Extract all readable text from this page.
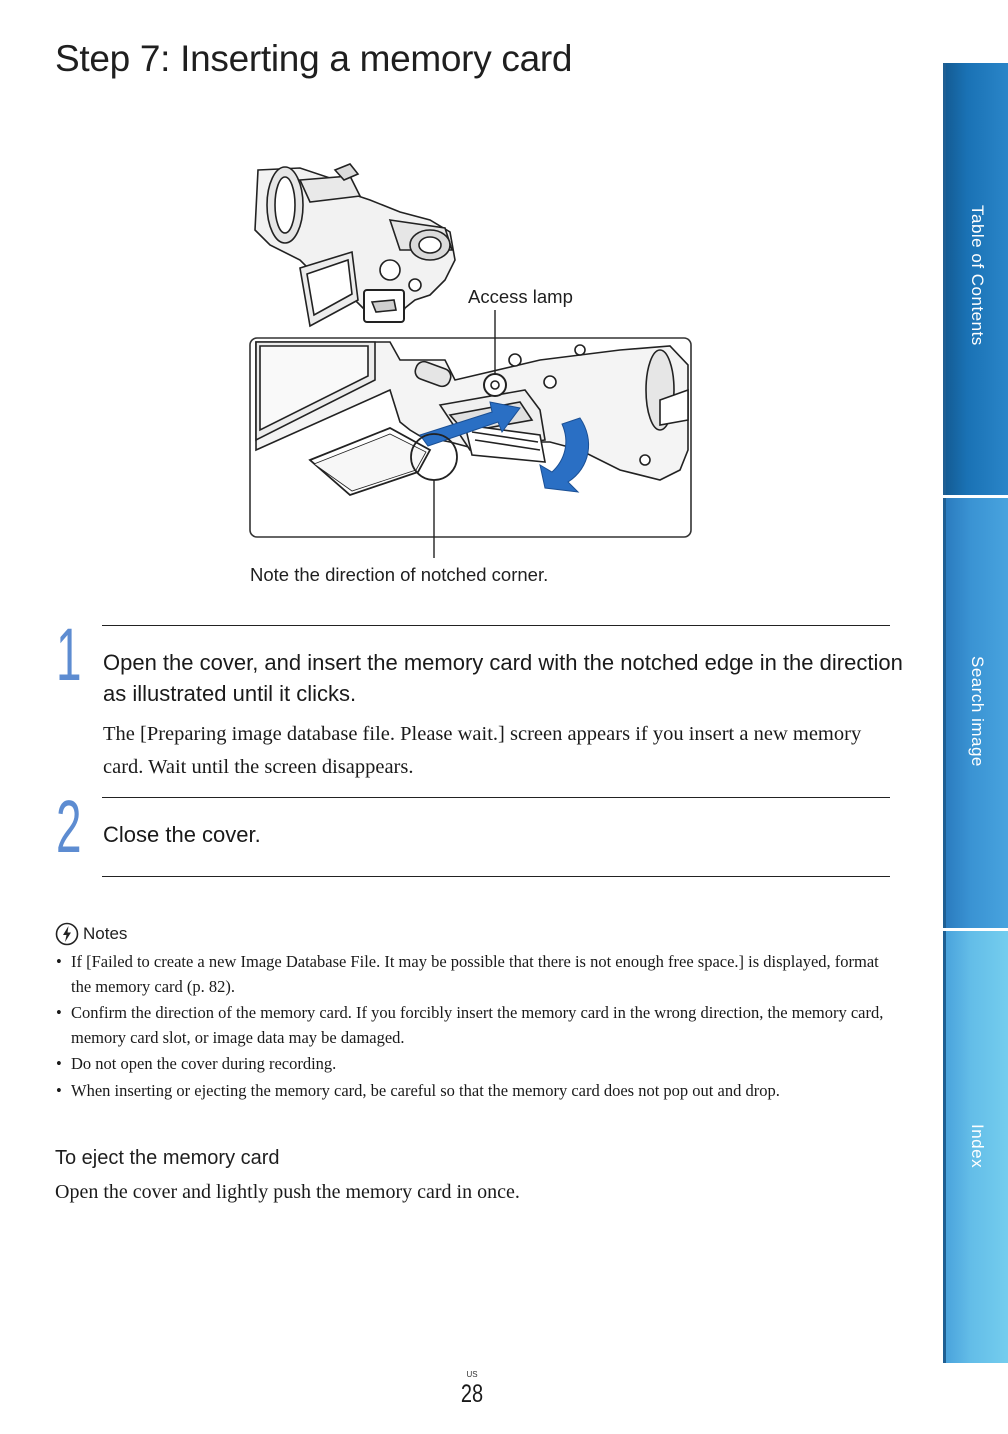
Step 7: Inserting a memory card
Access lamp
Note the direction of notched corner.
1 Open the cover, and insert the memory card with the notched edge in the direction as illustrated until it clicks.
The [Preparing image database file. Please wait.] screen appears if you insert a new memory card. Wait until the screen disappears.
2 Close the cover.
Notes
• If [Failed to create a new Image Database File. It may be possible that there is not enough free space.] is displayed, format the memory card (p. 82).
• Confirm the direction of the memory card. If you forcibly insert the memory card in the wrong direction, the memory card, memory card slot, or image data may be damaged.
• Do not open the cover during recording.
• When inserting or ejecting the memory card, be careful so that the memory card does not pop out and drop.
To eject the memory card
Open the cover and lightly push the memory card in once.
US
28
Table of Contents
Search image
Index
